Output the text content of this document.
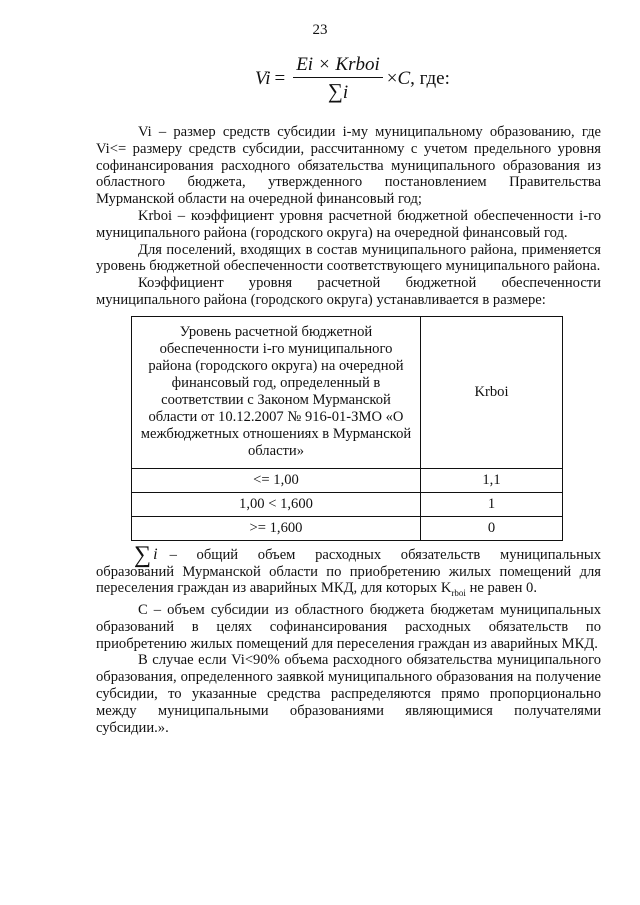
23
$Vi = \frac{\text{Ei × Krboi}}{\sum i} \times C$, где:

Vi – размер средств субсидии i-му муниципальному образованию, где Vi<= размеру средств субсидии, рассчитанному с учетом предельного уровня софинансирования расходного обязательства муниципального образования из областного бюджета, утвержденного постановлением Правительства Мурманской области на очередной финансовый год;

Krboi – коэффициент уровня расчетной бюджетной обеспеченности i-го муниципального района (городского округа) на очередной финансовый год.

Для поселений, входящих в состав муниципального района, применяется уровень бюджетной обеспеченности соответствующего муниципального района.

Коэффициент уровня расчетной бюджетной обеспеченности муниципального района (городского округа) устанавливается в размере:

Уровень расчетной бюджетной обеспеченности i-го муниципального района (городского округа) на очередной финансовый год, определенный в соответствии с Законом Мурманской области от 10.12.2007 № 916-01-ЗМО «О межбюджетных отношениях в Мурманской области»	Krboi
<= 1,00	1,1
1,00 < 1,600	1
>= 1,600	0
∑ i – общий объем расходных обязательств муниципальных

образований Мурманской области по приобретению жилых помещений для переселения граждан из аварийных МКД, для которых $K_{rboi}$ не равен 0.

С – объем субсидии из областного бюджета бюджетам муниципальных образований в целях софинансирования расходных обязательств по приобретению жилых помещений для переселения граждан из аварийных МКД.

В случае если Vi<90% объема расходного обязательства муниципального образования, определенного заявкой муниципального образования на получение субсидии, то указанные средства распределяются прямо пропорционально между муниципальными образованиями являющимися получателями субсидии.».
